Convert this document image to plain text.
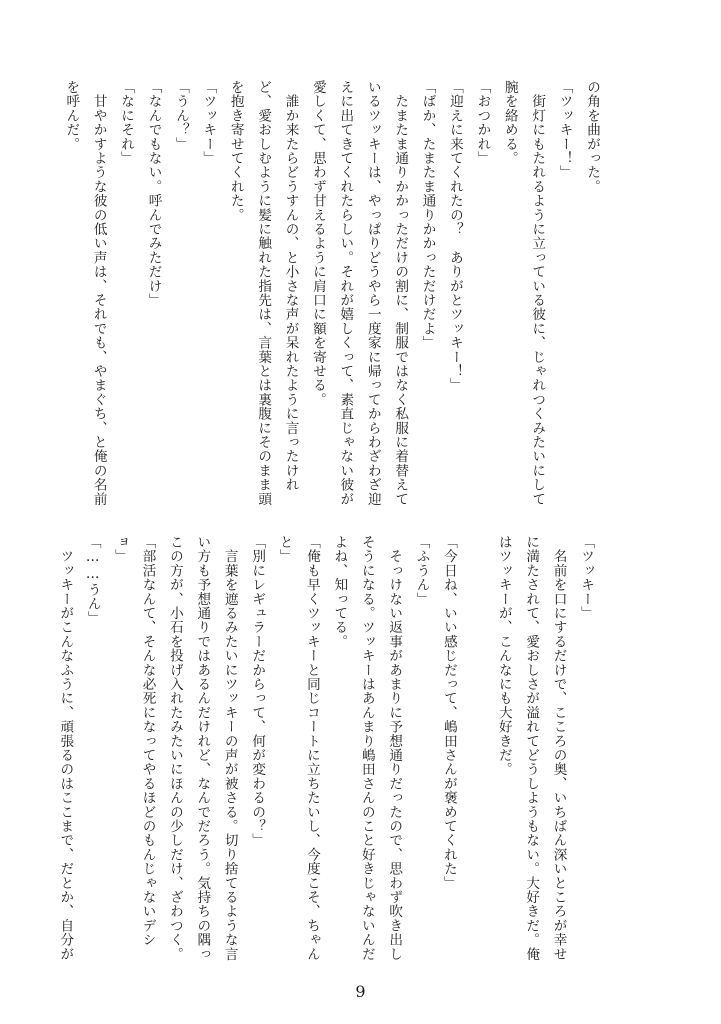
の角を曲がった。

「ツッキー！」

　街灯にもたれるように立っている彼に、じゃれつくみたいにして

腕を絡める。

「おつかれ」

「迎えに来てくれたの？　ありがとツッキー！」

「ばか、たまたま通りかかっただけだよ」

　たまたま通りかかっただけの割に、制服ではなく私服に着替えて

いるツッキーは、やっぱりどうやら一度家に帰ってからわざわざ迎

えに出てきてくれたらしい。それが嬉しくって、素直じゃない彼が

愛しくて、思わず甘えるように肩口に額を寄せる。

　誰か来たらどうすんの、と小さな声が呆れたように言ったけれ

ど、愛おしむように髪に触れた指先は、言葉とは裏腹にそのまま頭

を抱き寄せてくれた。

「ツッキー」

「うん？」

「なんでもない。呼んでみただけ」

「なにそれ」

　甘やかすような彼の低い声は、それでも、やまぐち、と俺の名前

を呼んだ。

「ツッキー」

　名前を口にするだけで、こころの奥、いちばん深いところが幸せ

に満たされて、愛おしさが溢れてどうしようもない。大好きだ。俺

はツッキーが、こんなにも大好きだ。

「今日ね、いい感じだって、嶋田さんが褒めてくれた」

「ふうん」

　そっけない返事があまりに予想通りだったので、思わず吹き出し

そうになる。ツッキーはあんまり嶋田さんのこと好きじゃないんだ

よね、知ってる。

「俺も早くツッキーと同じコートに立ちたいし、今度こそ、ちゃん

と」

「別にレギュラーだからって、何が変わるの？」

　言葉を遮るみたいにツッキーの声が被さる。切り捨てるような言

い方も予想通りではあるんだけれど、なんでだろう。気持ちの隅っ

この方が、小石を投げ入れたみたいにほんの少しだけ、ざわつく。

「部活なんて、そんな必死になってやるほどのもんじゃないデシ

ョ」

「……うん」

　ツッキーがこんなふうに、頑張るのはここまで、だとか、自分が

9
